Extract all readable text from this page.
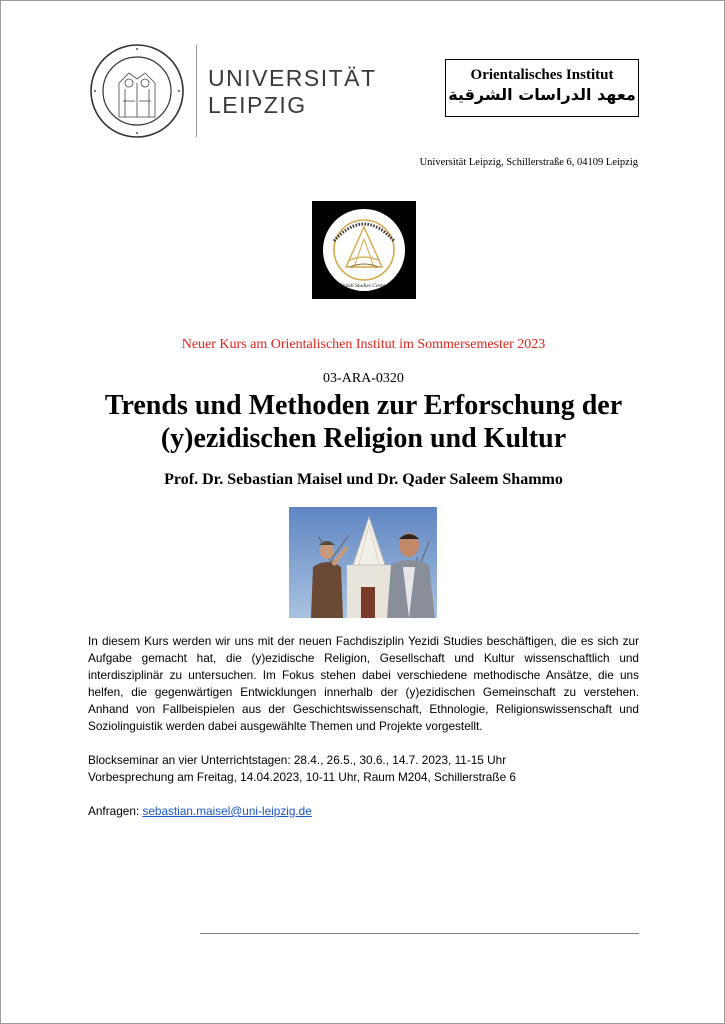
UNIVERSITÄT
LEIPZIG
Orientalisches Institut
معهد الدراسات الشرقية
Universität Leipzig, Schillerstraße 6, 04109 Leipzig
Yezidi Studies Center
Neuer Kurs am Orientalischen Institut im Sommersemester 2023
03-ARA-0320
Trends und Methoden zur Erforschung der
(y)ezidischen Religion und Kultur
Prof. Dr. Sebastian Maisel und Dr. Qader Saleem Shammo

In diesem Kurs werden wir uns mit der neuen Fachdisziplin Yezidi Studies beschäftigen, die es sich zur Aufgabe gemacht hat, die (y)ezidische Religion, Gesellschaft und Kultur wissenschaftlich und interdisziplinär zu untersuchen. Im Fokus stehen dabei verschiedene methodische Ansätze, die uns helfen, die gegenwärtigen Entwicklungen innerhalb der (y)ezidischen Gemeinschaft zu verstehen. Anhand von Fallbeispielen aus der Geschichtswissenschaft, Ethnologie, Religionswissenschaft und Soziolinguistik werden dabei ausgewählte Themen und Projekte vorgestellt.

Blockseminar an vier Unterrichtstagen: 28.4., 26.5., 30.6., 14.7. 2023, 11-15 Uhr
Vorbesprechung am Freitag, 14.04.2023, 10-11 Uhr, Raum M204, Schillerstraße 6

Anfragen: sebastian.maisel@uni-leipzig.de
